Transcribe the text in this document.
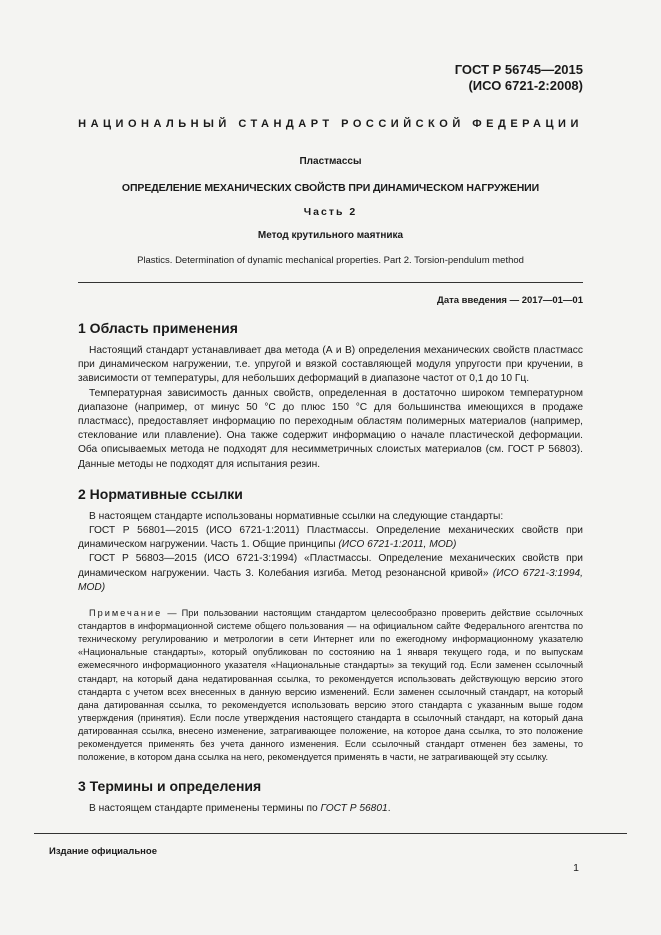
ГОСТ Р 56745—2015
(ИСО 6721-2:2008)
НАЦИОНАЛЬНЫЙ СТАНДАРТ РОССИЙСКОЙ ФЕДЕРАЦИИ
Пластмассы
ОПРЕДЕЛЕНИЕ МЕХАНИЧЕСКИХ СВОЙСТВ ПРИ ДИНАМИЧЕСКОМ НАГРУЖЕНИИ
Часть 2
Метод крутильного маятника
Plastics. Determination of dynamic mechanical properties. Part 2. Torsion-pendulum method
Дата введения — 2017—01—01
1 Область применения

Настоящий стандарт устанавливает два метода (А и В) определения механических свойств пластмасс при динамическом нагружении, т.е. упругой и вязкой составляющей модуля упругости при кручении, в зависимости от температуры, для небольших деформаций в диапазоне частот от 0,1 до 10 Гц.

Температурная зависимость данных свойств, определенная в достаточно широком температурном диапазоне (например, от минус 50 °С до плюс 150 °С для большинства имеющихся в продаже пластмасс), предоставляет информацию по переходным областям полимерных материалов (например, стеклование или плавление). Она также содержит информацию о начале пластической деформации. Оба описываемых метода не подходят для несимметричных слоистых материалов (см. ГОСТ Р 56803). Данные методы не подходят для испытания резин.

2 Нормативные ссылки

В настоящем стандарте использованы нормативные ссылки на следующие стандарты:

ГОСТ Р 56801—2015 (ИСО 6721-1:2011) Пластмассы. Определение механических свойств при динамическом нагружении. Часть 1. Общие принципы (ИСО 6721-1:2011, MOD)

ГОСТ Р 56803—2015 (ИСО 6721-3:1994) «Пластмассы. Определение механических свойств при динамическом нагружении. Часть 3. Колебания изгиба. Метод резонансной кривой» (ИСО 6721-3:1994, MOD)

Примечание — При пользовании настоящим стандартом целесообразно проверить действие ссылочных стандартов в информационной системе общего пользования — на официальном сайте Федерального агентства по техническому регулированию и метрологии в сети Интернет или по ежегодному информационному указателю «Национальные стандарты», который опубликован по состоянию на 1 января текущего года, и по выпускам ежемесячного информационного указателя «Национальные стандарты» за текущий год. Если заменен ссылочный стандарт, на который дана недатированная ссылка, то рекомендуется использовать действующую версию этого стандарта с учетом всех внесенных в данную версию изменений. Если заменен ссылочный стандарт, на который дана датированная ссылка, то рекомендуется использовать версию этого стандарта с указанным выше годом утверждения (принятия). Если после утверждения настоящего стандарта в ссылочный стандарт, на который дана датированная ссылка, внесено изменение, затрагивающее положение, на которое дана ссылка, то это положение рекомендуется применять без учета данного изменения. Если ссылочный стандарт отменен без замены, то положение, в котором дана ссылка на него, рекомендуется применять в части, не затрагивающей эту ссылку.
3 Термины и определения

В настоящем стандарте применены термины по ГОСТ Р 56801.

Издание официальное
1
